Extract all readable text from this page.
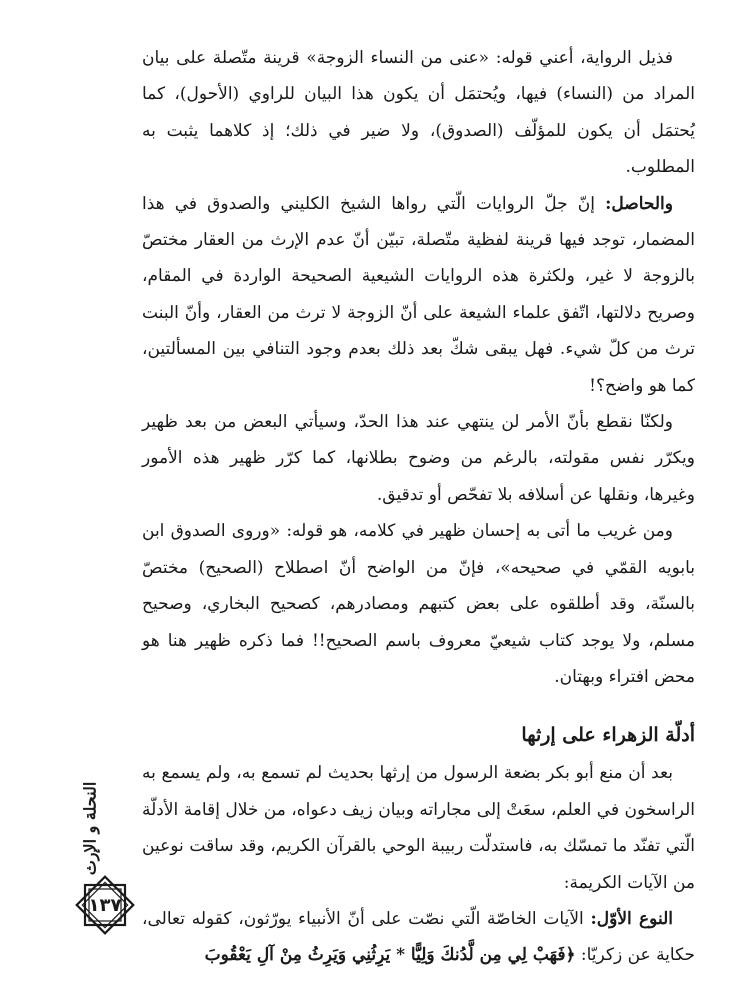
فذيل الرواية، أعني قوله: «عنى من النساء الزوجة» قرينة متّصلة على بيان المراد من (النساء) فيها، ويُحتمَل أن يكون هذا البيان للراوي (الأحول)، كما يُحتمَل أن يكون للمؤلّف (الصدوق)، ولا ضير في ذلك؛ إذ كلاهما يثبت به المطلوب.

والحاصل: إنّ جلّ الروايات الّتي رواها الشيخ الكليني والصدوق في هذا المضمار، توجد فيها قرينة لفظية متّصلة، تبيّن أنّ عدم الإرث من العقار مختصّ بالزوجة لا غير، ولكثرة هذه الروايات الشيعية الصحيحة الواردة في المقام، وصريح دلالتها، اتّفق علماء الشيعة على أنّ الزوجة لا ترث من العقار، وأنّ البنت ترث من كلّ شيء. فهل يبقى شكّ بعد ذلك بعدم وجود التنافي بين المسألتين، كما هو واضح؟!

ولكنّا نقطع بأنّ الأمر لن ينتهي عند هذا الحدّ، وسيأتي البعض من بعد ظهير ويكرّر نفس مقولته، بالرغم من وضوح بطلانها، كما كرّر ظهير هذه الأمور وغيرها، ونقلها عن أسلافه بلا تفحّص أو تدقيق.

ومن غريب ما أتى به إحسان ظهير في كلامه، هو قوله: «وروى الصدوق ابن بابويه القمّي في صحيحه»، فإنّ من الواضح أنّ اصطلاح (الصحيح) مختصّ بالسنّة، وقد أطلقوه على بعض كتبهم ومصادرهم، كصحيح البخاري، وصحيح مسلم، ولا يوجد كتاب شيعيّ معروف باسم الصحيح!! فما ذكره ظهير هنا هو محض افتراء وبهتان.

أدلّة الزهراء على إرثها

بعد أن منع أبو بكر بضعة الرسول من إرثها بحديث لم تسمع به، ولم يسمع به الراسخون في العلم، سعَتْ إلى مجاراته وبيان زيف دعواه، من خلال إقامة الأدلّة الّتي تفنّد ما تمسّك به، فاستدلّت ربيبة الوحي بالقرآن الكريم، وقد ساقت نوعين من الآيات الكريمة:

النوع الأوّل: الآيات الخاصّة الّتي نصّت على أنّ الأنبياء يورّثون، كقوله تعالى، حكاية عن زكريّا: ﴿فَهَبْ لِي مِن لَّدُنكَ وَلِيًّا * يَرِثُنِي وَيَرِثُ مِنْ آلِ يَعْقُوبَ

النحلة و الإرث
١٣٧
